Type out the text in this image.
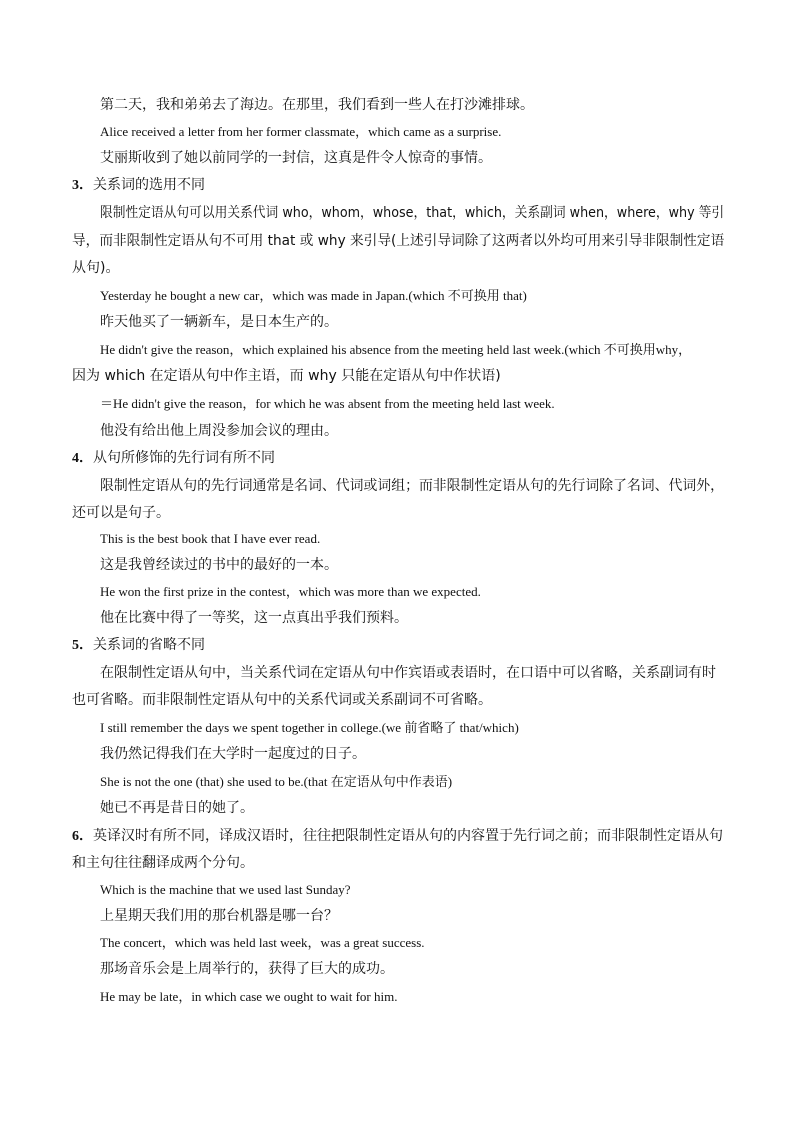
第二天，我和弟弟去了海边。在那里，我们看到一些人在打沙滩排球。
Alice received a letter from her former classmate，which came as a surprise.
艾丽斯收到了她以前同学的一封信，这真是件令人惊奇的事情。
3．关系词的选用不同
限制性定语从句可以用关系代词 who，whom，whose，that，which，关系副词 when，where，why 等引
导，而非限制性定语从句不可用 that 或 why 来引导(上述引导词除了这两者以外均可用来引导非限制性定语
从句)。
Yesterday he bought a new car，which was made in Japan.(which 不可换用 that)
昨天他买了一辆新车，是日本生产的。
He didn't give the reason，which explained his absence from the meeting held last week.(which 不可换用why，
因为 which 在定语从句中作主语，而 why 只能在定语从句中作状语)
＝He didn't give the reason，for which he was absent from the meeting held last week.
他没有给出他上周没参加会议的理由。
4．从句所修饰的先行词有所不同
限制性定语从句的先行词通常是名词、代词或词组；而非限制性定语从句的先行词除了名词、代词外，
还可以是句子。
This is the best book that I have ever read.
这是我曾经读过的书中的最好的一本。
He won the first prize in the contest，which was more than we expected.
他在比赛中得了一等奖，这一点真出乎我们预料。
5．关系词的省略不同
在限制性定语从句中，当关系代词在定语从句中作宾语或表语时，在口语中可以省略，关系副词有时
也可省略。而非限制性定语从句中的关系代词或关系副词不可省略。
I still remember the days we spent together in college.(we 前省略了 that/which)
我仍然记得我们在大学时一起度过的日子。
She is not the one (that) she used to be.(that 在定语从句中作表语)
她已不再是昔日的她了。
6．英译汉时有所不同，译成汉语时，往往把限制性定语从句的内容置于先行词之前；而非限制性定语从句
和主句往往翻译成两个分句。
Which is the machine that we used last Sunday?
上星期天我们用的那台机器是哪一台？
The concert，which was held last week，was a great success.
那场音乐会是上周举行的，获得了巨大的成功。
He may be late，in which case we ought to wait for him.
